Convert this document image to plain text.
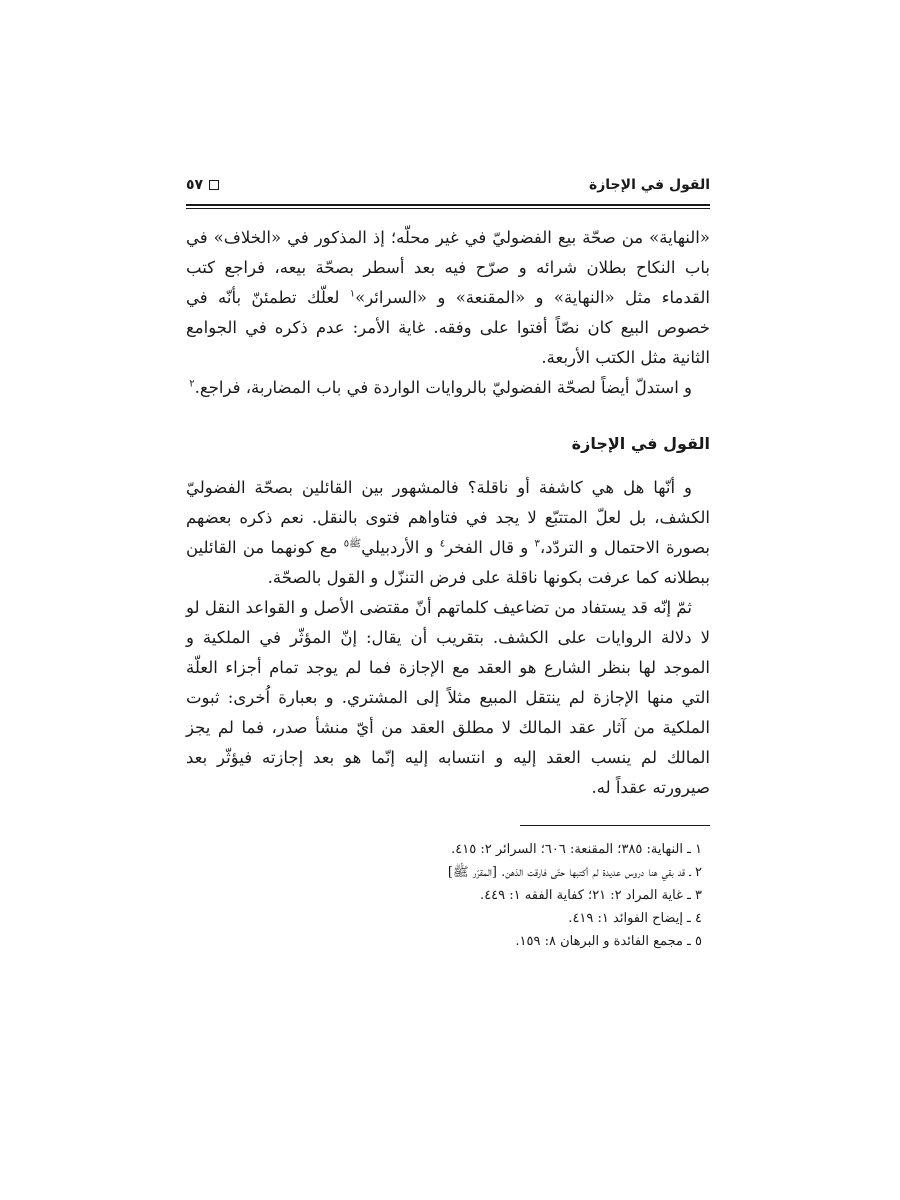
القول في الإجازة
٥٧

«النهاية» من صحّة بيع الفضوليّ في غير محلّه؛ إذ المذكور في «الخلاف» في باب النكاح بطلان شرائه و صرّح فيه بعد أسطر بصحّة بيعه، فراجع كتب القدماء مثل «النهاية» و «المقنعة» و «السرائر»$^١$ لعلّك تطمئنّ بأنّه في خصوص البيع كان نصّاً أفتوا على وفقه. غاية الأمر: عدم ذكره في الجوامع الثانية مثل الكتب الأربعة.

و استدلّ أيضاً لصحّة الفضوليّ بالروايات الواردة في باب المضاربة، فراجع.$^٢$

القول في الإجازة

و أنّها هل هي كاشفة أو ناقلة؟ فالمشهور بين القائلين بصحّة الفضوليّ الكشف، بل لعلّ المتتبّع لا يجد في فتاواهم فتوى بالنقل. نعم ذكره بعضهم بصورة الاحتمال و التردّد،$^٣$ و قال الفخر$^٤$ و الأردبيلي$^{ﷺ٥}$ مع كونهما من القائلين ببطلانه كما عرفت بكونها ناقلة على فرض التنزّل و القول بالصحّة.

ثمّ إنّه قد يستفاد من تضاعيف كلماتهم أنّ مقتضى الأصل و القواعد النقل لو لا دلالة الروايات على الكشف. بتقريب أن يقال: إنّ المؤثّر في الملكية و الموجد لها بنظر الشارع هو العقد مع الإجازة فما لم يوجد تمام أجزاء العلّة التي منها الإجازة لم ينتقل المبيع مثلاً إلى المشتري. و بعبارة اُخرى: ثبوت الملكية من آثار عقد المالك لا مطلق العقد من أيّ منشأ صدر، فما لم يجز المالك لم ينسب العقد إليه و انتسابه إليه إنّما هو بعد إجازته فيؤثّر بعد صيرورته عقداً له.

١ ـ النهاية: ٣٨٥؛ المقنعة: ٦٠٦؛ السرائر ٢: ٤١٥.
٢ ـ قد بقي هنا دروس عديدة لم أكتبها حتّى فارقت الذهن. [المقرّر ﷺ]
٣ ـ غاية المراد ٢: ٢١؛ كفاية الفقه ١: ٤٤٩.
٤ ـ إيضاح الفوائد ١: ٤١٩.
٥ ـ مجمع الفائدة و البرهان ٨: ١٥٩.
